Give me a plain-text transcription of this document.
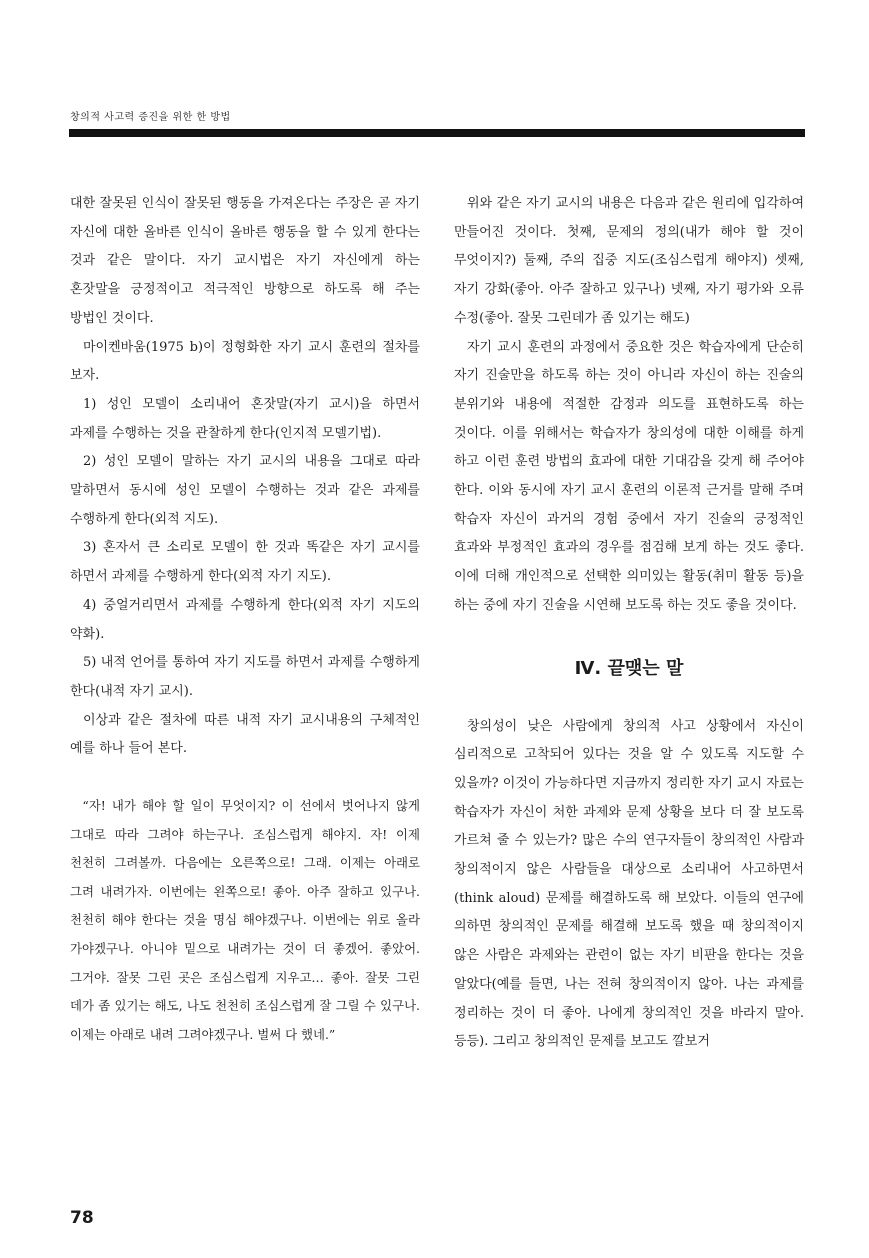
창의적 사고력 증진을 위한 한 방법

대한 잘못된 인식이 잘못된 행동을 가져온다는 주장은 곧 자기 자신에 대한 올바른 인식이 올바른 행동을 할 수 있게 한다는 것과 같은 말이다. 자기 교시법은 자기 자신에게 하는 혼잣말을 긍정적이고 적극적인 방향으로 하도록 해 주는 방법인 것이다.

마이켄바움(1975 b)이 정형화한 자기 교시 훈련의 절차를 보자.

1) 성인 모델이 소리내어 혼잣말(자기 교시)을 하면서 과제를 수행하는 것을 관찰하게 한다(인지적 모델기법).

2) 성인 모델이 말하는 자기 교시의 내용을 그대로 따라 말하면서 동시에 성인 모델이 수행하는 것과 같은 과제를 수행하게 한다(외적 지도).

3) 혼자서 큰 소리로 모델이 한 것과 똑같은 자기 교시를 하면서 과제를 수행하게 한다(외적 자기 지도).

4) 중얼거리면서 과제를 수행하게 한다(외적 자기 지도의 약화).

5) 내적 언어를 통하여 자기 지도를 하면서 과제를 수행하게 한다(내적 자기 교시).

이상과 같은 절차에 따른 내적 자기 교시내용의 구체적인 예를 하나 들어 본다.

“자! 내가 해야 할 일이 무엇이지? 이 선에서 벗어나지 않게 그대로 따라 그려야 하는구나. 조심스럽게 해야지. 자! 이제 천천히 그려볼까. 다음에는 오른쪽으로! 그래. 이제는 아래로 그려 내려가자. 이번에는 왼쪽으로! 좋아. 아주 잘하고 있구나. 천천히 해야 한다는 것을 명심 해야겠구나. 이번에는 위로 올라 가야겠구나. 아니야 밑으로 내려가는 것이 더 좋겠어. 좋았어. 그거야. 잘못 그린 곳은 조심스럽게 지우고… 좋아. 잘못 그린 데가 좀 있기는 해도, 나도 천천히 조심스럽게 잘 그릴 수 있구나. 이제는 아래로 내려 그려야겠구나. 벌써 다 했네.”

위와 같은 자기 교시의 내용은 다음과 같은 원리에 입각하여 만들어진 것이다. 첫째, 문제의 정의(내가 해야 할 것이 무엇이지?) 둘째, 주의 집중 지도(조심스럽게 해야지) 셋째, 자기 강화(좋아. 아주 잘하고 있구나) 넷째, 자기 평가와 오류 수정(좋아. 잘못 그린데가 좀 있기는 해도)

자기 교시 훈련의 과정에서 중요한 것은 학습자에게 단순히 자기 진술만을 하도록 하는 것이 아니라 자신이 하는 진술의 분위기와 내용에 적절한 감정과 의도를 표현하도록 하는 것이다. 이를 위해서는 학습자가 창의성에 대한 이해를 하게 하고 이런 훈련 방법의 효과에 대한 기대감을 갖게 해 주어야 한다. 이와 동시에 자기 교시 훈련의 이론적 근거를 말해 주며 학습자 자신이 과거의 경험 중에서 자기 진술의 긍정적인 효과와 부정적인 효과의 경우를 점검해 보게 하는 것도 좋다. 이에 더해 개인적으로 선택한 의미있는 활동(취미 활동 등)을 하는 중에 자기 진술을 시연해 보도록 하는 것도 좋을 것이다.

Ⅳ. 끝맺는 말

창의성이 낮은 사람에게 창의적 사고 상황에서 자신이 심리적으로 고착되어 있다는 것을 알 수 있도록 지도할 수 있을까? 이것이 가능하다면 지금까지 정리한 자기 교시 자료는 학습자가 자신이 처한 과제와 문제 상황을 보다 더 잘 보도록 가르쳐 줄 수 있는가? 많은 수의 연구자들이 창의적인 사람과 창의적이지 않은 사람들을 대상으로 소리내어 사고하면서(think aloud) 문제를 해결하도록 해 보았다. 이들의 연구에 의하면 창의적인 문제를 해결해 보도록 했을 때 창의적이지 않은 사람은 과제와는 관련이 없는 자기 비판을 한다는 것을 알았다(예를 들면, 나는 전혀 창의적이지 않아. 나는 과제를 정리하는 것이 더 좋아. 나에게 창의적인 것을 바라지 말아. 등등). 그리고 창의적인 문제를 보고도 깔보거

78
